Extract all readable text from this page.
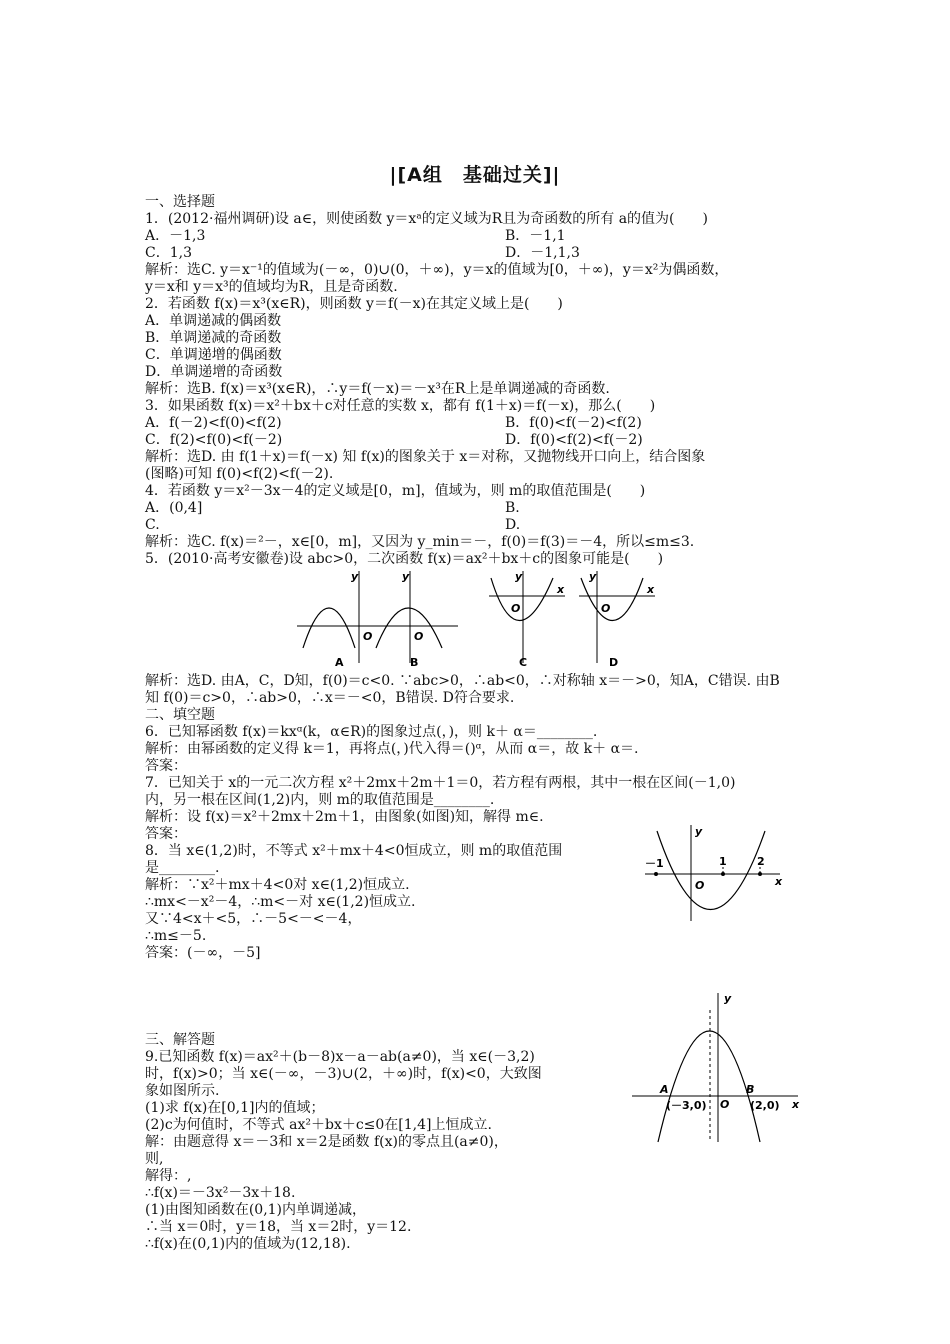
|[A组　基础过关]|
一、选择题
1．(2012·福州调研)设 a∈，则使函数 y＝xᵃ的定义域为R且为奇函数的所有 a的值为(　　)
A．－1,3	B．－1,1
C．1,3	D．－1,1,3
解析：选C. y＝x⁻¹的值域为(－∞，0)∪(0，＋∞)，y＝x的值域为[0，＋∞)，y＝x²为偶函数，
y＝x和 y＝x³的值域均为R，且是奇函数.
2．若函数 f(x)＝x³(x∈R)，则函数 y＝f(－x)在其定义域上是(　　)
A．单调递减的偶函数
B．单调递减的奇函数
C．单调递增的偶函数
D．单调递增的奇函数
解析：选B. f(x)＝x³(x∈R)，∴y＝f(－x)＝－x³在R上是单调递减的奇函数.
3．如果函数 f(x)＝x²＋bx＋c对任意的实数 x，都有 f(1＋x)＝f(－x)，那么(　　)
A．f(－2)<f(0)<f(2)	B．f(0)<f(－2)<f(2)
C．f(2)<f(0)<f(－2)	D．f(0)<f(2)<f(－2)
解析：选D. 由 f(1＋x)＝f(－x) 知 f(x)的图象关于 x＝对称，又抛物线开口向上，结合图象
(图略)可知 f(0)<f(2)<f(－2).
4．若函数 y＝x²－3x－4的定义域是[0，m]，值域为，则 m的取值范围是(　　)
A．(0,4]	B.
C.	D.
解析：选C. f(x)＝²－，x∈[0，m]，又因为 y_min＝－，f(0)＝f(3)＝－4，所以≤m≤3.
5．(2010·高考安徽卷)设 abc>0，二次函数 f(x)＝ax²＋bx＋c的图象可能是(　　)
y
O
A
y
O
B
y
x
O
C
y
x
O
D
解析：选D. 由A，C，D知，f(0)＝c<0. ∵abc>0，∴ab<0，∴对称轴 x＝－>0，知A，C错误. 由B
知 f(0)＝c>0，∴ab>0，∴x＝－<0，B错误. D符合要求.
二、填空题
6．已知幂函数 f(x)＝kxᵅ(k，α∈R)的图象过点(，)，则 k＋ α＝________.
解析：由幂函数的定义得 k＝1，再将点(，)代入得＝()ᵅ，从而 α＝，故 k＋ α＝.
答案：
7．已知关于 x的一元二次方程 x²＋2mx＋2m＋1＝0，若方程有两根，其中一根在区间(－1,0)
内，另一根在区间(1,2)内，则 m的取值范围是________.
解析：设 f(x)＝x²＋2mx＋2m＋1，由图象(如图)知，解得 m∈.
答案：
8．当 x∈(1,2)时，不等式 x²＋mx＋4<0恒成立，则 m的取值范围
是________.
解析：∵x²＋mx＋4<0对 x∈(1,2)恒成立.
∴mx<－x²－4，∴m<－对 x∈(1,2)恒成立.
又∵4<x＋<5，∴－5<－<－4，
∴m≤－5.
答案：(－∞，－5]
三、解答题
9.已知函数 f(x)＝ax²＋(b－8)x－a－ab(a≠0)，当 x∈(－3,2)
时，f(x)>0；当 x∈(－∞，－3)∪(2，＋∞)时，f(x)<0，大致图
象如图所示.
(1)求 f(x)在[0,1]内的值域；
(2)c为何值时，不等式 ax²＋bx＋c≤0在[1,4]上恒成立.
解：由题意得 x＝－3和 x＝2是函数 f(x)的零点且(a≠0)，
则,
解得：,
∴f(x)＝－3x²－3x＋18.
(1)由图知函数在(0,1)内单调递减，
∴当 x＝0时，y＝18，当 x＝2时，y＝12.
∴f(x)在(0,1)内的值域为(12,18).
－1	1	2
O	x
y
y
x
O
A	B
(－3,0)	(2,0)
